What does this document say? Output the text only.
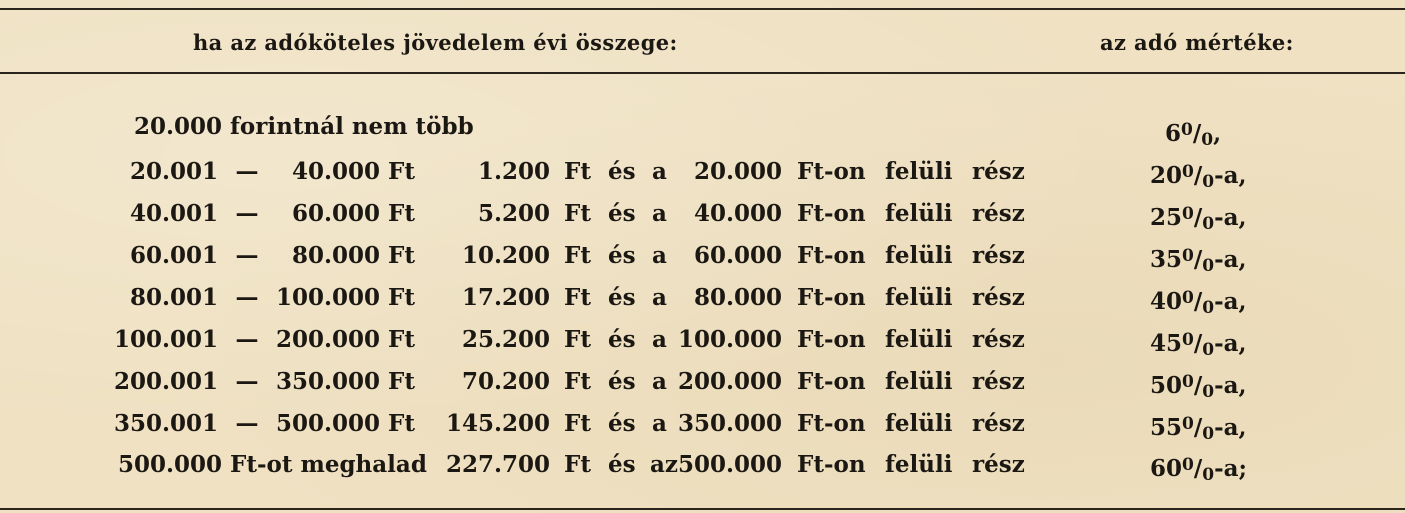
ha az adóköteles jövedelem évi összege:	az adó mértéke:
20.000 forintnál nem több	$6^0/0$,
20.001 —	40.000 Ft	1.200 Ft és a	20.000 Ft-on felüli rész	$20^0/0-a$,
40.001 —	60.000 Ft	5.200 Ft és a	40.000 Ft-on felüli rész	$25^0/0-a$,
60.001 —	80.000 Ft	10.200 Ft és a	60.000 Ft-on felüli rész	$35^0/0-a$,
80.001 — 100.000 Ft	17.200 Ft és a	80.000 Ft-on felüli rész	$40^0/0-a$,
100.001 — 200.000 Ft	25.200 Ft és a 100.000 Ft-on felüli rész	$45^0/0-a$,
200.001 — 350.000 Ft	70.200 Ft és a 200.000 Ft-on felüli rész	$50^0/0-a$,
350.001 — 500.000 Ft	145.200 Ft és a 350.000 Ft-on felüli rész	$55^0/0-a$,
500.000 Ft-ot meghalad 227.700 Ft és az 500.000 Ft-on felüli rész	$60^0/0-a$;
